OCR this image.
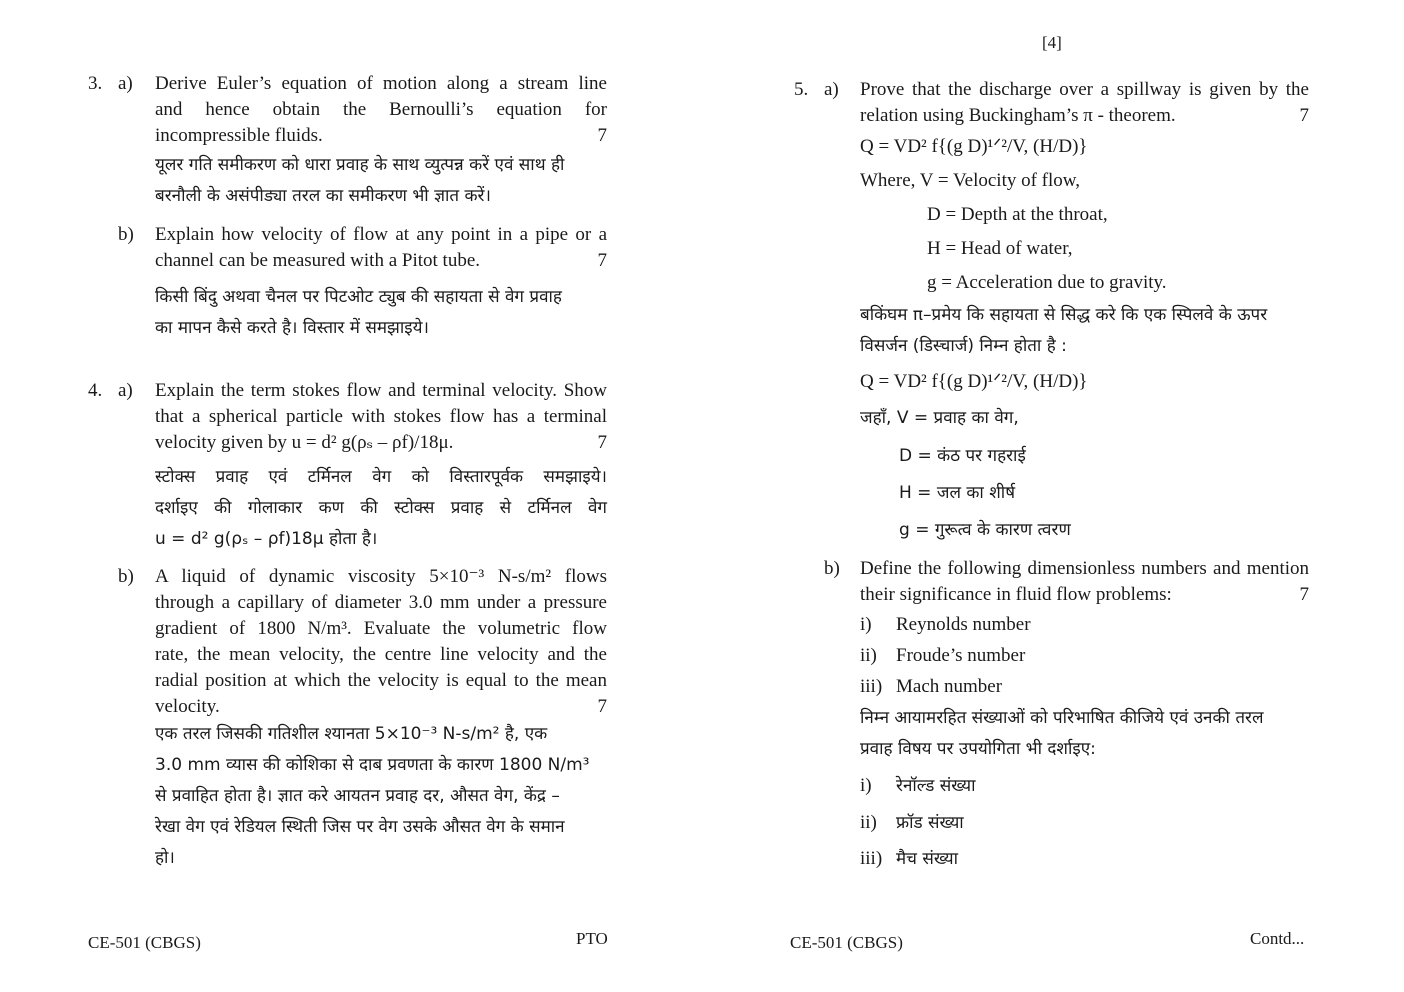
3. a) Derive Euler’s equation of motion along a stream line
and hence obtain the Bernoulli’s equation for
incompressible fluids.	7
यूलर गति समीकरण को धारा प्रवाह के साथ व्युत्पन्न करें एवं साथ ही
बरनौली के असंपीड्या तरल का समीकरण भी ज्ञात करें।
b) Explain how velocity of flow at any point in a pipe or a
channel can be measured with a Pitot tube.	7
किसी बिंदु अथवा चैनल पर पिटओट ट्युब की सहायता से वेग प्रवाह
का मापन कैसे करते है। विस्तार में समझाइये।
4. a) Explain the term stokes flow and terminal velocity. Show
that a spherical particle with stokes flow has a terminal
velocity given by u = d² g(ρₛ – ρf)/18μ.	7
स्टोक्स प्रवाह एवं टर्मिनल वेग को विस्तारपूर्वक समझाइये।
दर्शाइए की गोलाकार कण की स्टोक्स प्रवाह से टर्मिनल वेग
u = d² g(ρₛ – ρf)18μ होता है।
b) A liquid of dynamic viscosity 5×10⁻³ N-s/m² flows
through a capillary of diameter 3.0 mm under a pressure
gradient of 1800 N/m³. Evaluate the volumetric flow
rate, the mean velocity, the centre line velocity and the
radial position at which the velocity is equal to the mean
velocity.	7
एक तरल जिसकी गतिशील श्यानता 5×10⁻³ N-s/m² है, एक
3.0 mm व्यास की कोशिका से दाब प्रवणता के कारण 1800 N/m³
से प्रवाहित होता है। ज्ञात करे आयतन प्रवाह दर, औसत वेग, केंद्र –
रेखा वेग एवं रेडियल स्थिती जिस पर वेग उसके औसत वेग के समान
हो।
CE-501 (CBGS)	PTO
[4]
5. a) Prove that the discharge over a spillway is given by the
relation using Buckingham’s π - theorem.	7
Q = VD² f{(g D)¹ᐟ²/V, (H/D)}
Where, V = Velocity of flow,
D = Depth at the throat,
H = Head of water,
g = Acceleration due to gravity.
बकिंघम π–प्रमेय कि सहायता से सिद्ध करे कि एक स्पिलवे के ऊपर
विसर्जन (डिस्चार्ज) निम्न होता है :
Q = VD² f{(g D)¹ᐟ²/V, (H/D)}
जहाँ, V = प्रवाह का वेग,
D = कंठ पर गहराई
H = जल का शीर्ष
g = गुरूत्व के कारण त्वरण
b) Define the following dimensionless numbers and mention
their significance in fluid flow problems:	7
i) Reynolds number
ii) Froude’s number
iii) Mach number
निम्न आयामरहित संख्याओं को परिभाषित कीजिये एवं उनकी तरल
प्रवाह विषय पर उपयोगिता भी दर्शाइए:
i) रेनॉल्ड संख्या
ii) फ्रॉड संख्या
iii) मैच संख्या
CE-501 (CBGS)	Contd...
